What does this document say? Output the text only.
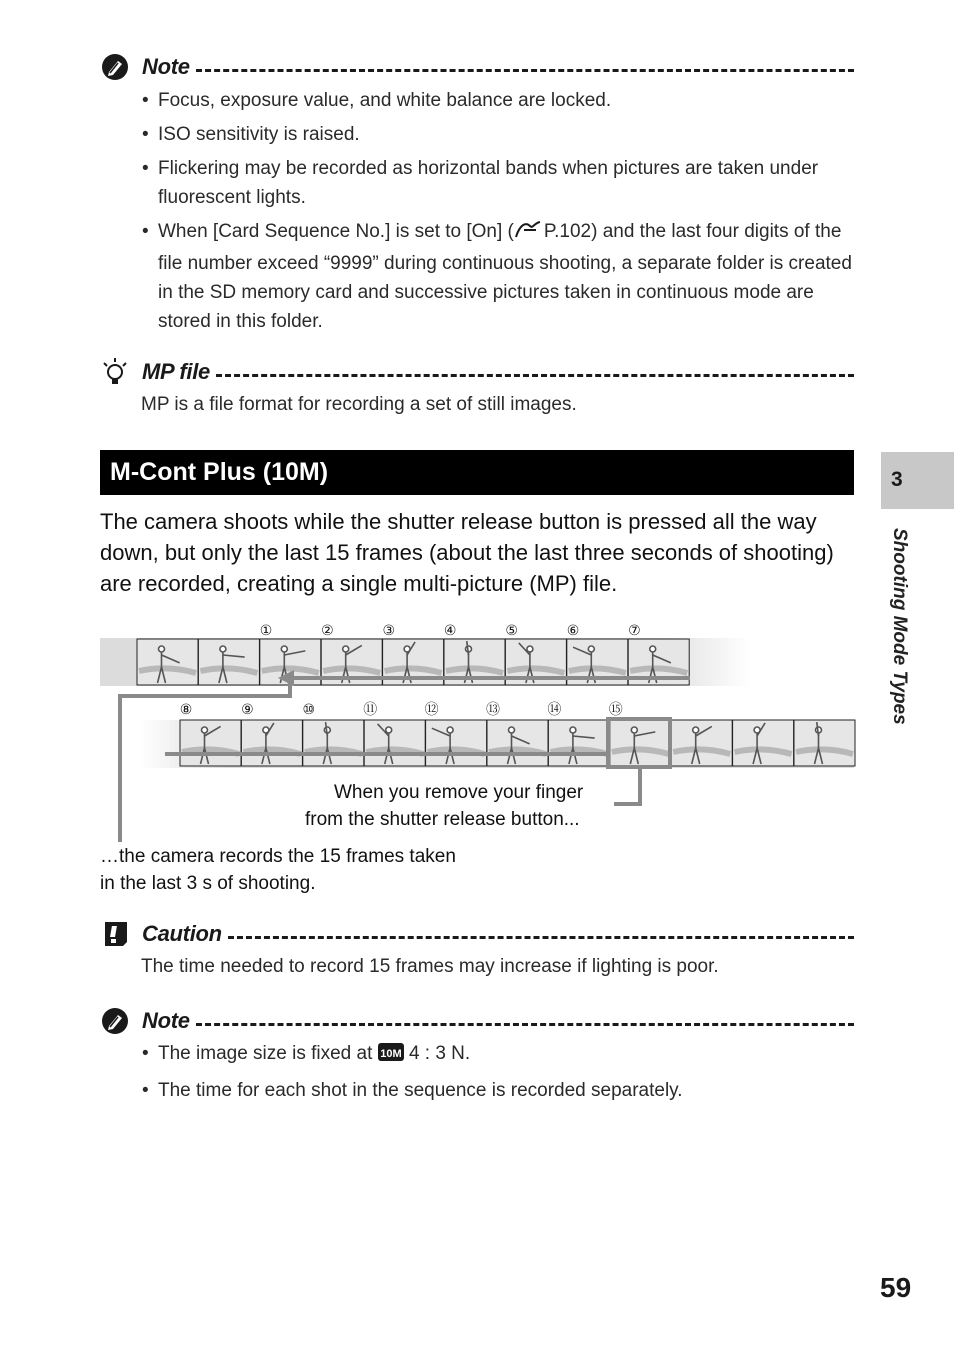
Note
• Focus, exposure value, and white balance are locked.
• ISO sensitivity is raised.
• Flickering may be recorded as horizontal bands when pictures are taken under fluorescent lights.
• When [Card Sequence No.] is set to [On] ( P.102) and the last four digits of the file number exceed “9999” during continuous shooting, a separate folder is created in the SD memory card and successive pictures taken in continuous mode are stored in this folder.
MP file
MP is a file format for recording a set of still images.
M-Cont Plus (10M)
The camera shoots while the shutter release button is pressed all the way down, but only the last 15 frames (about the last three seconds of shooting) are recorded, creating a single multi-picture (MP) file.
①	②	③	④	⑤	⑥	⑦
⑧	⑨	⑩	⑪	⑫	⑬	⑭	⑮
When you remove your finger
from the shutter release button...
…the camera records the 15 frames taken
in the last 3 s of shooting.
Caution
The time needed to record 15 frames may increase if lighting is poor.
Note
• The image size is fixed at 10M 4 : 3 N.
• The time for each shot in the sequence is recorded separately.
3
Shooting Mode Types
59
